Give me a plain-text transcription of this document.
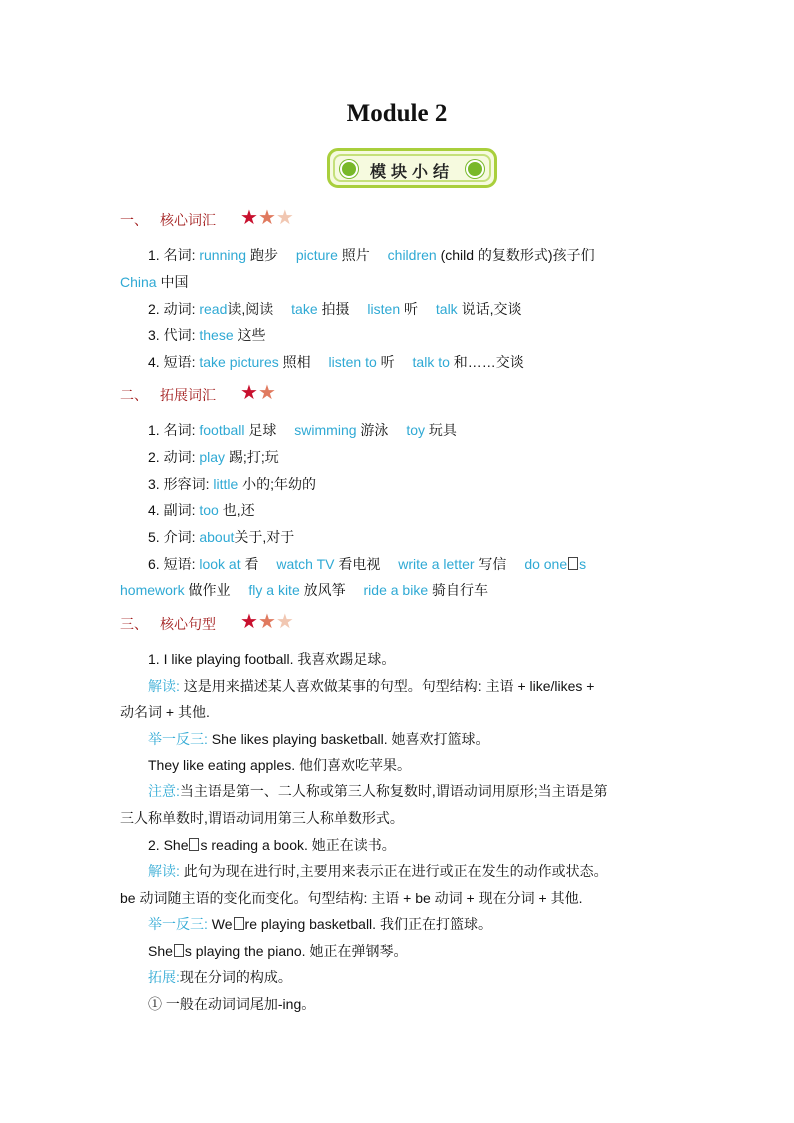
Module 2
模块小结
一、 核心词汇 ★★★
1. 名词: running 跑步 picture 照片 children (child 的复数形式)孩子们
China 中国
2. 动词: read读,阅读 take 拍摄 listen 听 talk 说话,交谈
3. 代词: these 这些
4. 短语: take pictures 照相 listen to 听 talk to 和……交谈
二、 拓展词汇 ★★
1. 名词: football 足球 swimming 游泳 toy 玩具
2. 动词: play 踢;打;玩
3. 形容词: little 小的;年幼的
4. 副词: too 也,还
5. 介词: about关于,对于
6. 短语: look at 看 watch TV 看电视 write a letter 写信 do one s
homework 做作业 fly a kite 放风筝 ride a bike 骑自行车
三、 核心句型 ★★★
1. I like playing football. 我喜欢踢足球。
解读: 这是用来描述某人喜欢做某事的句型。句型结构: 主语 + like/likes +
动名词 + 其他.
举一反三: She likes playing basketball. 她喜欢打篮球。
They like eating apples. 他们喜欢吃苹果。
注意:当主语是第一、二人称或第三人称复数时,谓语动词用原形;当主语是第
三人称单数时,谓语动词用第三人称单数形式。
2. She s reading a book. 她正在读书。
解读: 此句为现在进行时,主要用来表示正在进行或正在发生的动作或状态。
be 动词随主语的变化而变化。句型结构: 主语 + be 动词 + 现在分词 + 其他.
举一反三: We re playing basketball. 我们正在打篮球。
She s playing the piano. 她正在弹钢琴。
拓展:现在分词的构成。
① 一般在动词词尾加-ing。
